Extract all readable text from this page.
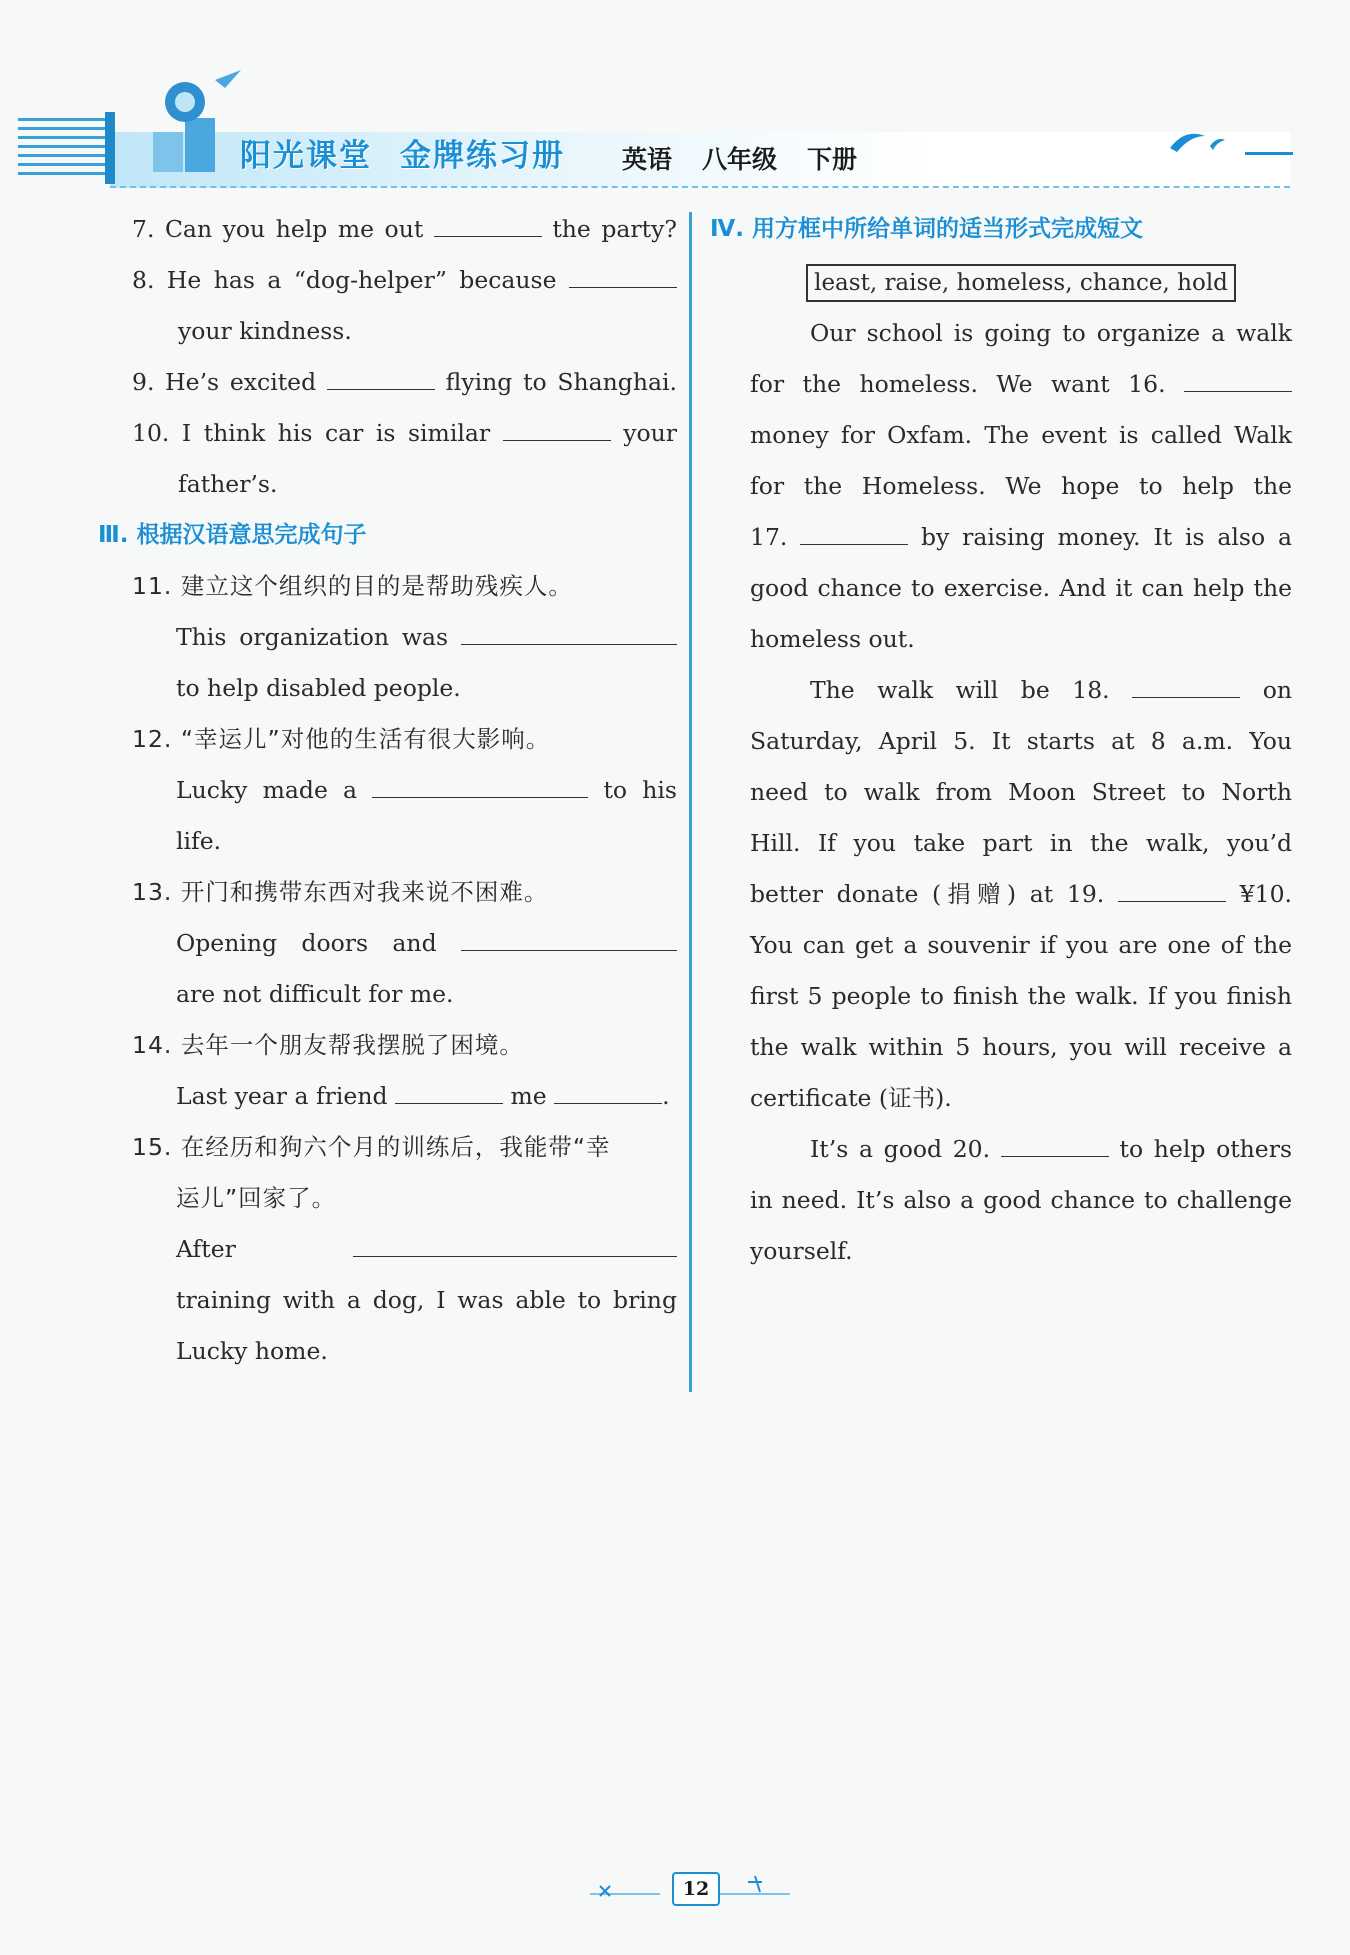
阳光课堂 金牌练习册	英语 八年级 下册
7. Can you help me out	the party?
8. He has a “dog-helper” because
your kindness.
9. He’s excited	flying to Shanghai.
10. I think his car is similar	your
father’s.
Ⅲ. 根据汉语意思完成句子
11. 建立这个组织的目的是帮助残疾人。
This organization was
to help disabled people.
12. “幸运儿”对他的生活有很大影响。
Lucky made a	to his
life.
13. 开门和携带东西对我来说不困难。
Opening doors and
are not difficult for me.
14. 去年一个朋友帮我摆脱了困境。
Last year a friend	me	.
15. 在经历和狗六个月的训练后，我能带“幸
运儿”回家了。
After
training with a dog, I was able to bring
Lucky home.
Ⅳ. 用方框中所给单词的适当形式完成短文
least, raise, homeless, chance, hold
Our school is going to organize a walk
for the homeless. We want 16.
money for Oxfam. The event is called Walk
for the Homeless. We hope to help the
17.	by raising money. It is also a
good chance to exercise. And it can help the
homeless out.
The walk will be 18.	on
Saturday, April 5. It starts at 8 a.m. You
need to walk from Moon Street to North
Hill. If you take part in the walk, you’d
better donate (捐赠) at 19.	¥10.
You can get a souvenir if you are one of the
first 5 people to finish the walk. If you finish
the walk within 5 hours, you will receive a
certificate (证书).
It’s a good 20.	to help others
in need. It’s also a good chance to challenge
yourself.
12
